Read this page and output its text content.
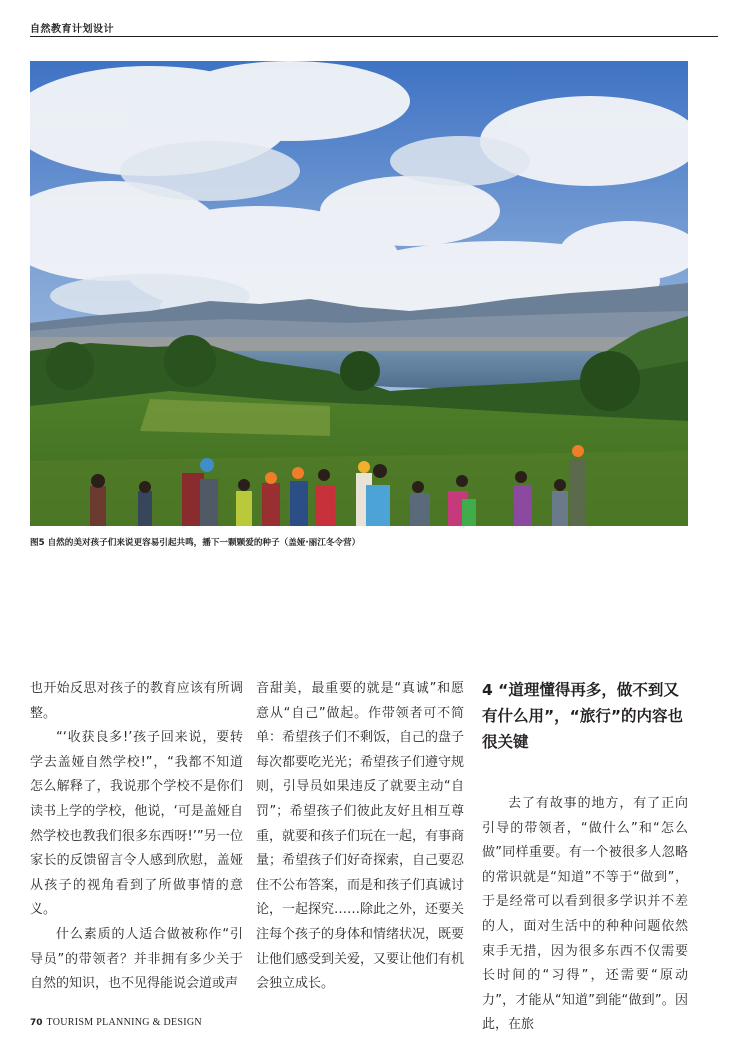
自然教育计划设计
图5 自然的美对孩子们来说更容易引起共鸣，播下一颗颗爱的种子（盖娅·丽江冬令营）

也开始反思对孩子的教育应该有所调整。

“‘收获良多!’孩子回来说，要转学去盖娅自然学校!”，“我都不知道怎么解释了，我说那个学校不是你们读书上学的学校，他说，‘可是盖娅自然学校也教我们很多东西呀!’”另一位家长的反馈留言令人感到欣慰，盖娅从孩子的视角看到了所做事情的意义。

什么素质的人适合做被称作“引导员”的带领者？并非拥有多少关于自然的知识，也不见得能说会道或声

音甜美，最重要的就是“真诚”和愿意从“自己”做起。作带领者可不简单：希望孩子们不剩饭，自己的盘子每次都要吃光光；希望孩子们遵守规则，引导员如果违反了就要主动“自罚”；希望孩子们彼此友好且相互尊重，就要和孩子们玩在一起，有事商量；希望孩子们好奇探索，自己要忍住不公布答案，而是和孩子们真诚讨论，一起探究……除此之外，还要关注每个孩子的身体和情绪状况，既要让他们感受到关爱，又要让他们有机会独立成长。

4 “道理懂得再多，做不到又有什么用”，“旅行”的内容也很关键

去了有故事的地方，有了正向引导的带领者，“做什么”和“怎么做”同样重要。有一个被很多人忽略的常识就是“知道”不等于“做到”，于是经常可以看到很多学识并不差的人，面对生活中的种种问题依然束手无措，因为很多东西不仅需要长时间的“习得”，还需要“原动力”，才能从“知道”到能“做到”。因此，在旅

70 TOURISM PLANNING & DESIGN
